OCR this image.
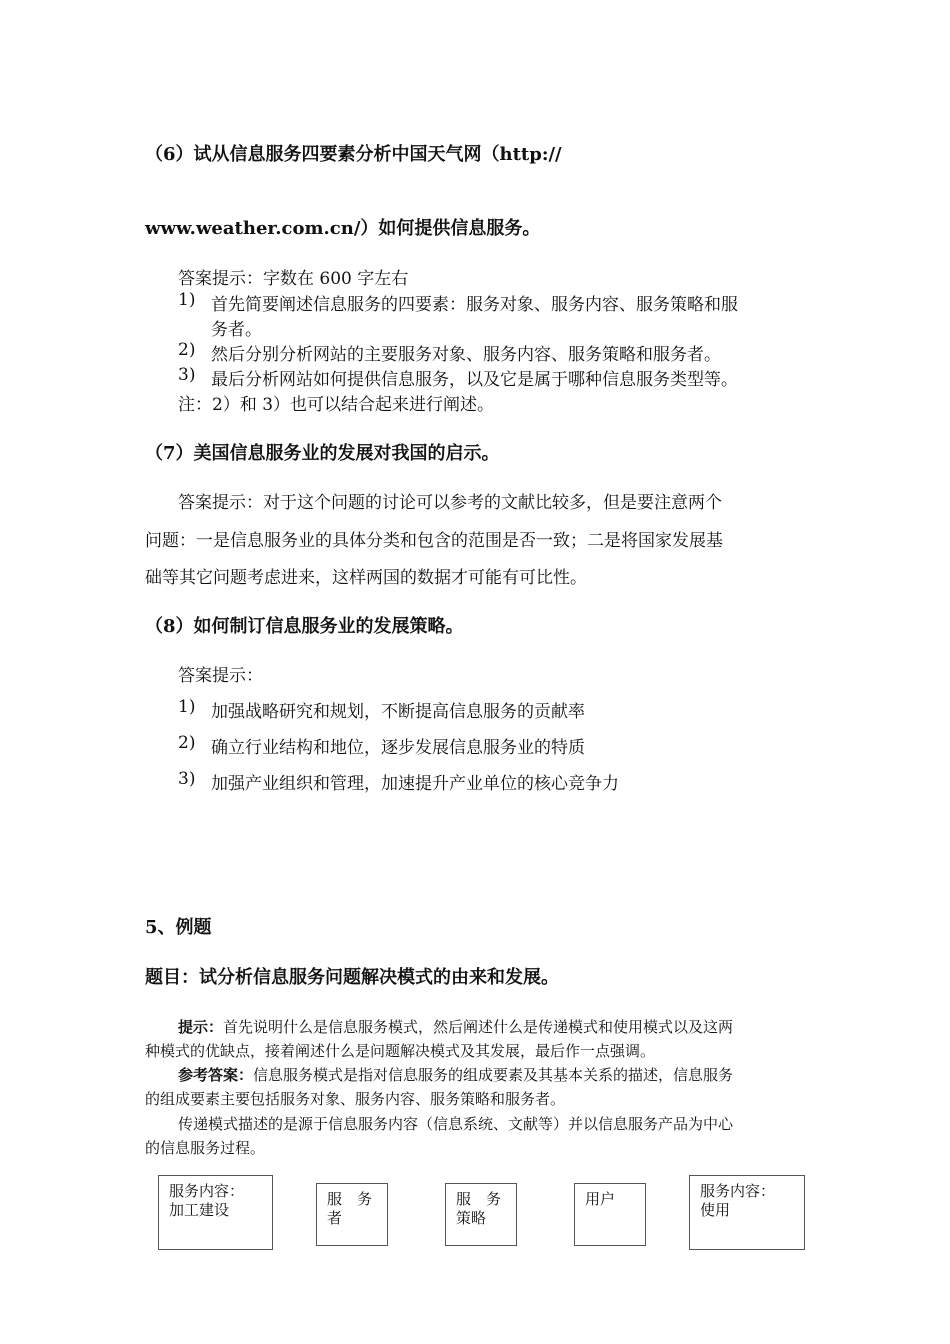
（6）试从信息服务四要素分析中国天气网（http://
www.weather.com.cn/）如何提供信息服务。
答案提示：字数在 600 字左右
1) 首先简要阐述信息服务的四要素：服务对象、服务内容、服务策略和服
务者。
2) 然后分别分析网站的主要服务对象、服务内容、服务策略和服务者。
3) 最后分析网站如何提供信息服务，以及它是属于哪种信息服务类型等。
注：2）和 3）也可以结合起来进行阐述。
（7）美国信息服务业的发展对我国的启示。
答案提示：对于这个问题的讨论可以参考的文献比较多，但是要注意两个
问题：一是信息服务业的具体分类和包含的范围是否一致；二是将国家发展基
础等其它问题考虑进来，这样两国的数据才可能有可比性。
（8）如何制订信息服务业的发展策略。
答案提示：
1) 加强战略研究和规划，不断提高信息服务的贡献率
2) 确立行业结构和地位，逐步发展信息服务业的特质
3) 加强产业组织和管理，加速提升产业单位的核心竞争力
5、例题
题目：试分析信息服务问题解决模式的由来和发展。
提示：首先说明什么是信息服务模式，然后阐述什么是传递模式和使用模式以及这两
种模式的优缺点，接着阐述什么是问题解决模式及其发展，最后作一点强调。
参考答案：信息服务模式是指对信息服务的组成要素及其基本关系的描述，信息服务
的组成要素主要包括服务对象、服务内容、服务策略和服务者。
传递模式描述的是源于信息服务内容（信息系统、文献等）并以信息服务产品为中心
的信息服务过程。
服务内容：
加工建设
服　务
者
服　务
策略
用户	服务内容：
使用
